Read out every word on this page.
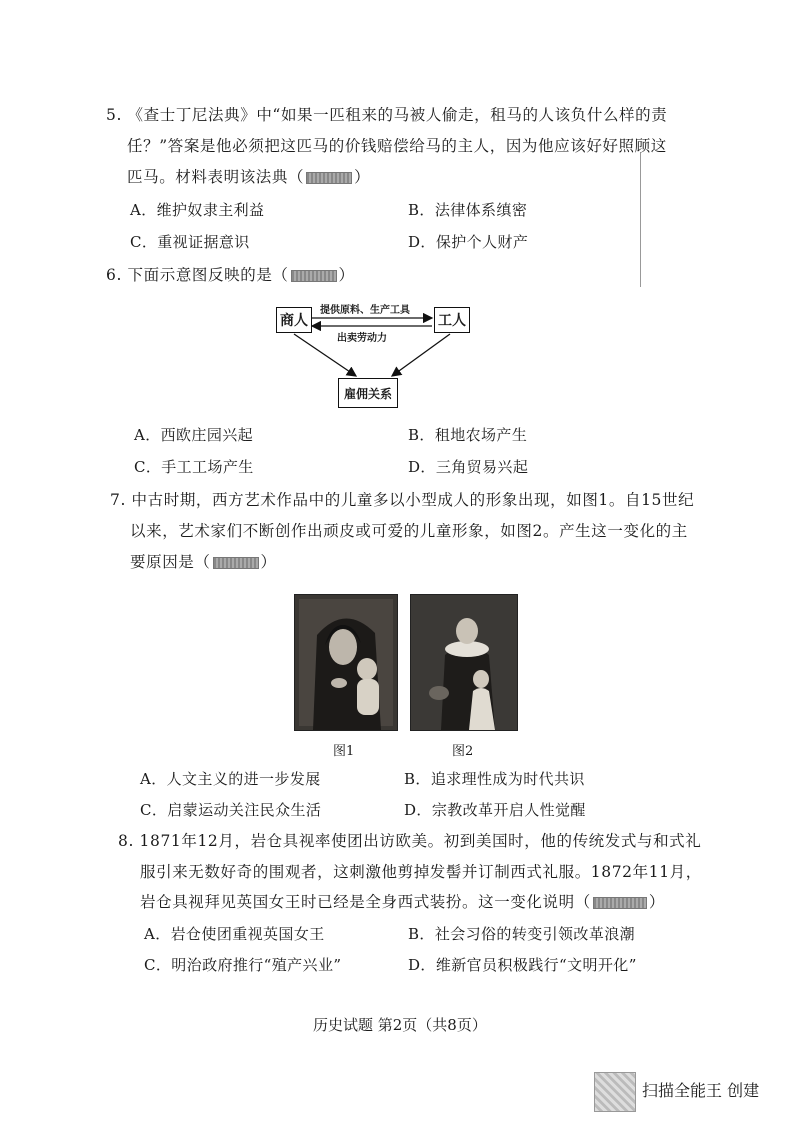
5. 《查士丁尼法典》中“如果一匹租来的马被人偷走，租马的人该负什么样的责
任？”答案是他必须把这匹马的价钱赔偿给马的主人，因为他应该好好照顾这
匹马。材料表明该法典（	）
A．维护奴隶主利益	B．法律体系缜密
C．重视证据意识	D．保护个人财产
6. 下面示意图反映的是（	）
商人	工人
雇佣关系
提供原料、生产工具
出卖劳动力
A．西欧庄园兴起	B．租地农场产生
C．手工工场产生	D．三角贸易兴起
7. 中古时期，西方艺术作品中的儿童多以小型成人的形象出现，如图1。自15世纪
以来，艺术家们不断创作出顽皮或可爱的儿童形象，如图2。产生这一变化的主
要原因是（	）
图1	图2
A．人文主义的进一步发展	B．追求理性成为时代共识
C．启蒙运动关注民众生活	D．宗教改革开启人性觉醒
8. 1871年12月，岩仓具视率使团出访欧美。初到美国时，他的传统发式与和式礼
服引来无数好奇的围观者，这刺激他剪掉发髻并订制西式礼服。1872年11月，
岩仓具视拜见英国女王时已经是全身西式装扮。这一变化说明（	）
A．岩仓使团重视英国女王	B．社会习俗的转变引领改革浪潮
C．明治政府推行“殖产兴业”	D．维新官员积极践行“文明开化”
历史试题 第2页（共8页）
扫描全能王 创建
